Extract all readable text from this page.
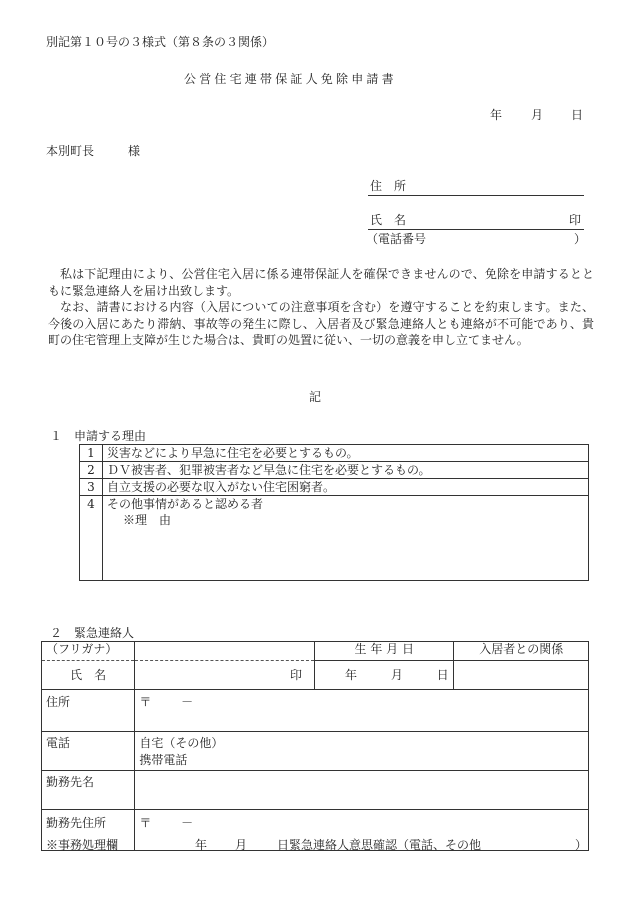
別記第１０号の３様式（第８条の３関係）
公営住宅連帯保証人免除申請書
年 月 日
本別町長	様
住　所
氏　名	印
（電話番号	）

私は下記理由により、公営住宅入居に係る連帯保証人を確保できませんので、免除を申請するとともに緊急連絡人を届け出致します。

なお、請書における内容（入居についての注意事項を含む）を遵守することを約束します。また、今後の入居にあたり滞納、事故等の発生に際し、入居者及び緊急連絡人とも連絡が不可能であり、貴町の住宅管理上支障が生じた場合は、貴町の処置に従い、一切の意義を申し立てません。

記
１　申請する理由
1	災害などにより早急に住宅を必要とするもの。
2	ＤＶ被害者、犯罪被害者など早急に住宅を必要とするもの。
3	自立支援の必要な収入がない住宅困窮者。
4	その他事情があると認める者
※理　由
２　緊急連絡人
（フリガナ）		生 年 月 日	入居者との関係
氏　名	印	年 月 日	
住所	〒 －		
電話	自宅（その他）
携帯電話		

勤務先名			
勤務先住所	〒 －		
※事務処理欄	年 月 日緊急連絡人意思確認（電話、その他	）
